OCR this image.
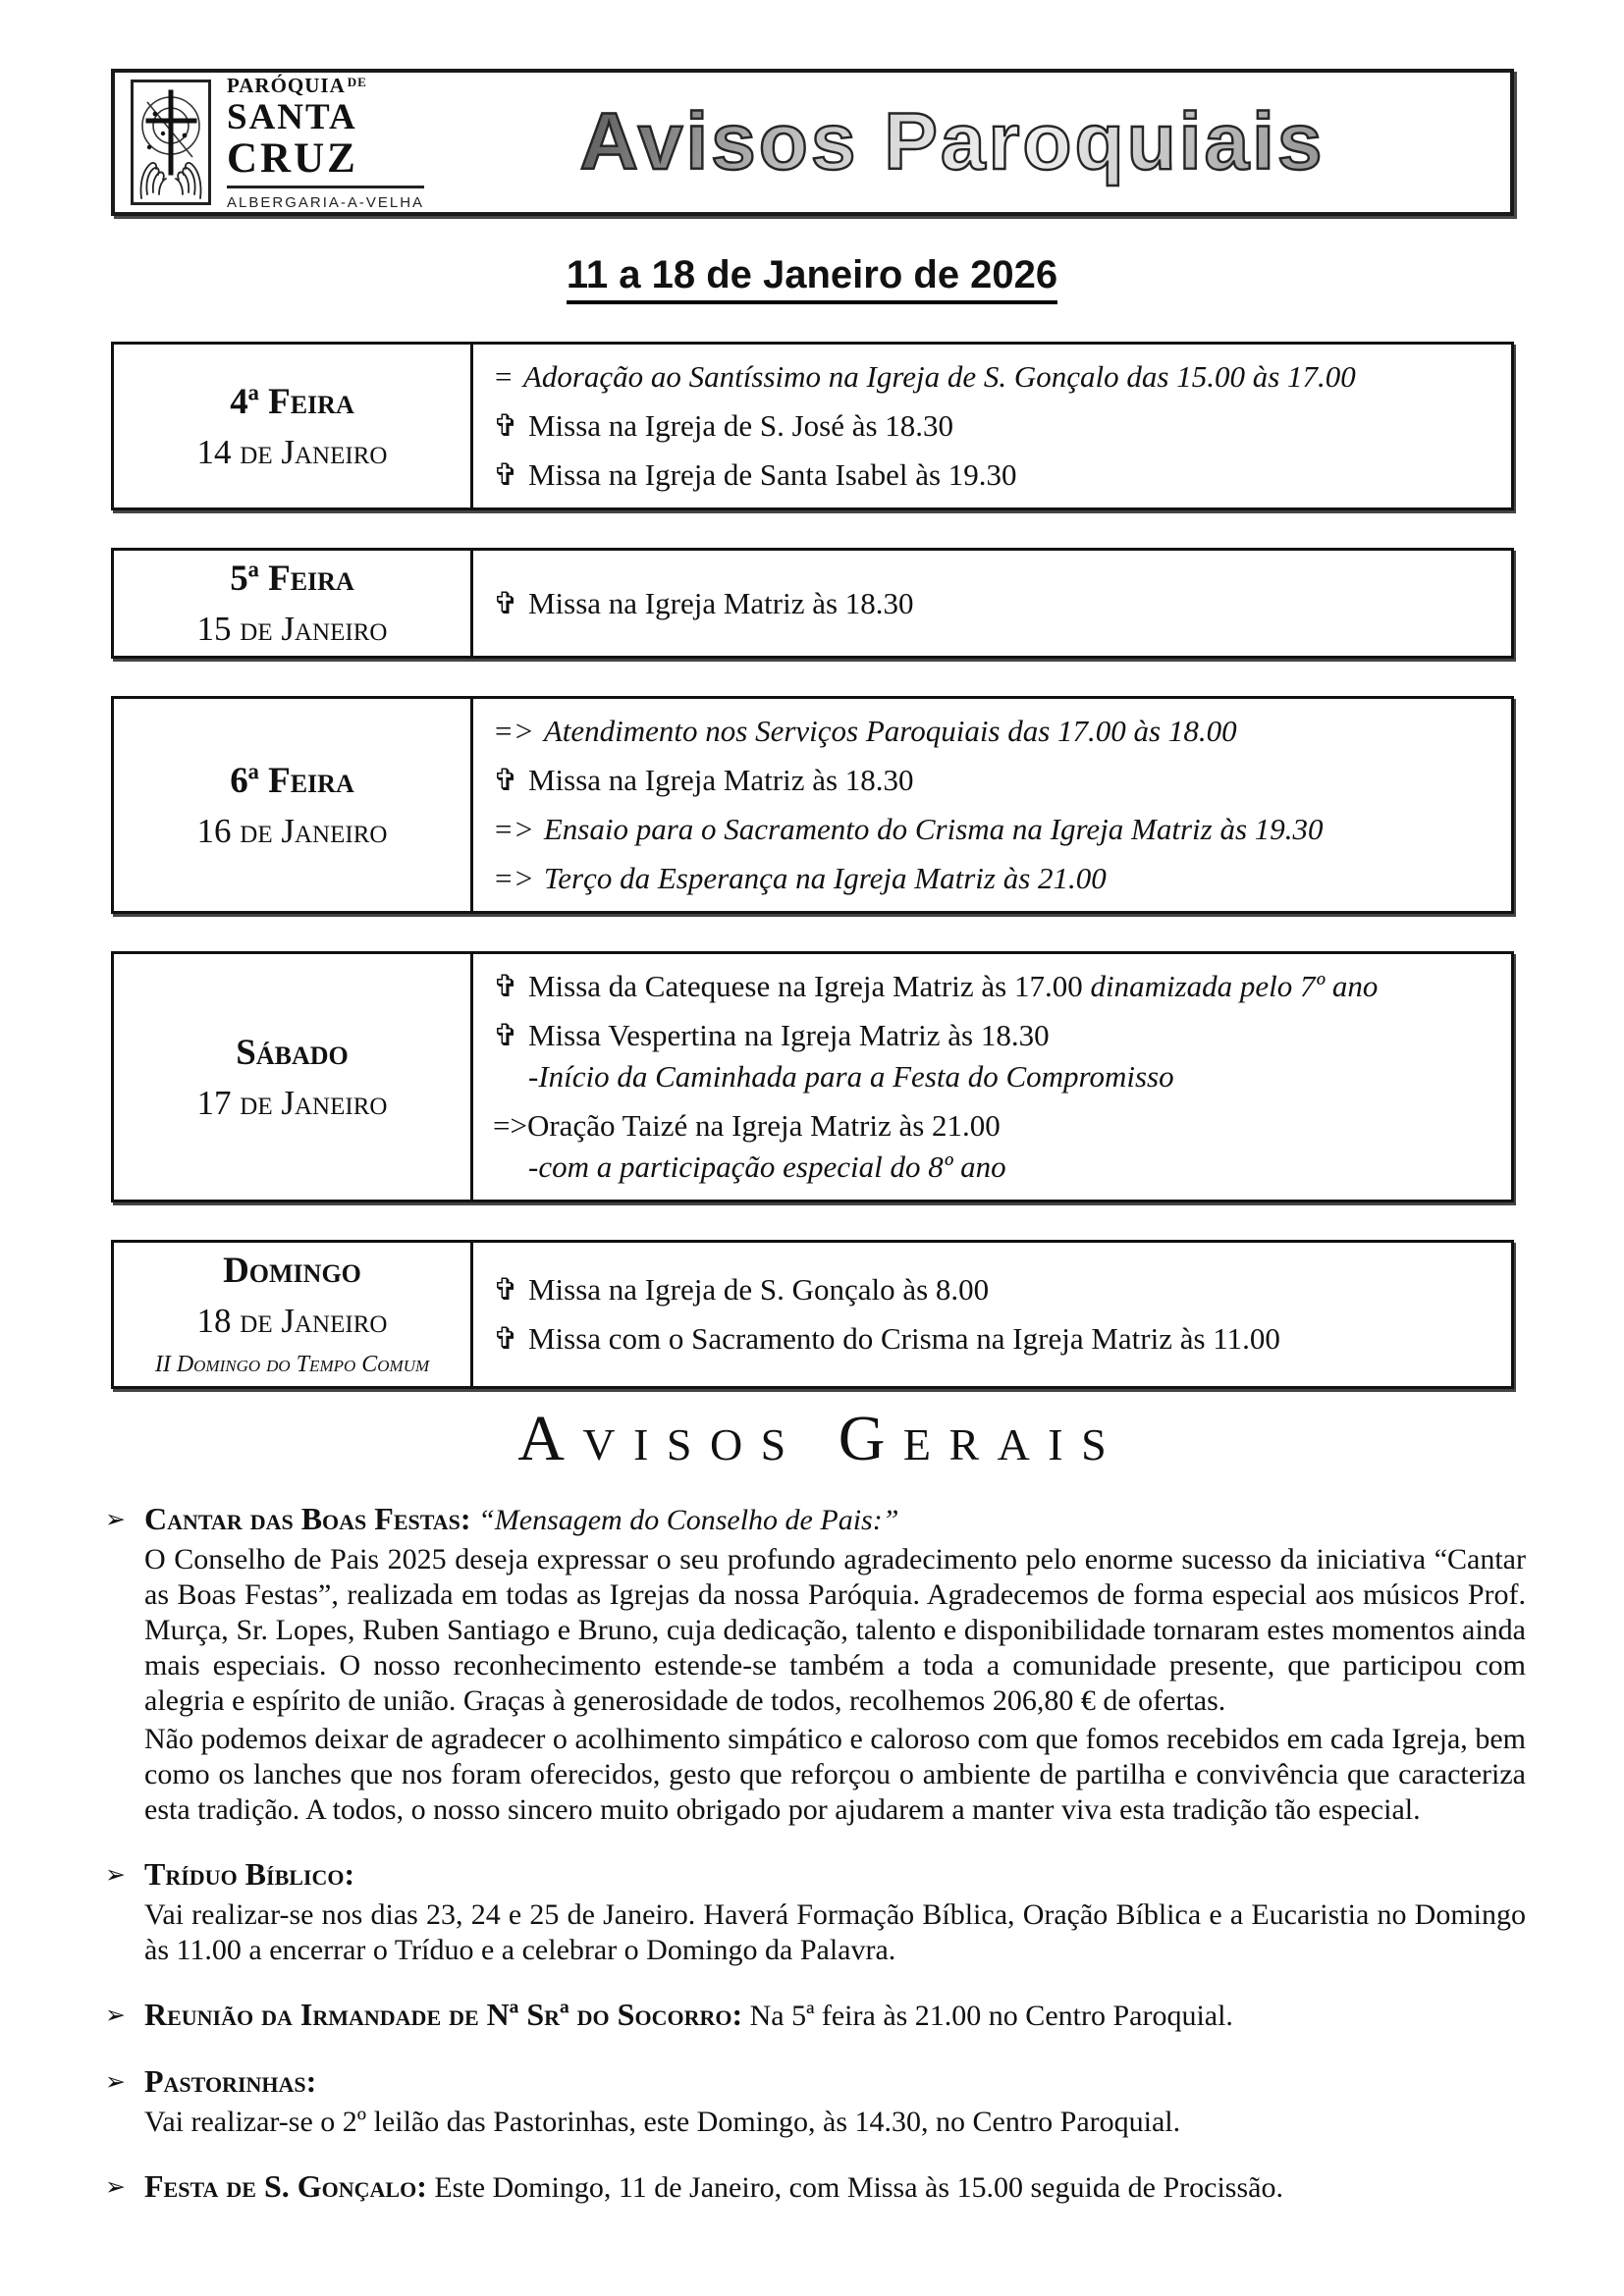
PARÓQUIA $^{DE}$
SANTA
CRUZ
ALBERGARIA-A-VELHA
Avisos Paroquiais
11 a 18 de Janeiro de 2026
4ª Feira
14 de Janeiro
= Adoração ao Santíssimo na Igreja de S. Gonçalo das 15.00 às 17.00
✞ Missa na Igreja de S. José às 18.30
✞ Missa na Igreja de Santa Isabel às 19.30
5ª Feira
15 de Janeiro
✞ Missa na Igreja Matriz às 18.30
6ª Feira
16 de Janeiro
=> Atendimento nos Serviços Paroquiais das 17.00 às 18.00
✞ Missa na Igreja Matriz às 18.30
=> Ensaio para o Sacramento do Crisma na Igreja Matriz às 19.30
=> Terço da Esperança na Igreja Matriz às 21.00
Sábado
17 de Janeiro
✞ Missa da Catequese na Igreja Matriz às 17.00 dinamizada pelo 7º ano
✞ Missa Vespertina na Igreja Matriz às 18.30
-Início da Caminhada para a Festa do Compromisso
=>Oração Taizé na Igreja Matriz às 21.00
-com a participação especial do 8º ano
Domingo
18 de Janeiro
II Domingo do Tempo Comum
✞ Missa na Igreja de S. Gonçalo às 8.00
✞ Missa com o Sacramento do Crisma na Igreja Matriz às 11.00
Avisos Gerais
➢ Cantar das Boas Festas: “Mensagem do Conselho de Pais:”
O Conselho de Pais 2025 deseja expressar o seu profundo agradecimento pelo enorme sucesso da iniciativa “Cantar as Boas Festas”, realizada em todas as Igrejas da nossa Paróquia. Agradecemos de forma especial aos músicos Prof. Murça, Sr. Lopes, Ruben Santiago e Bruno, cuja dedicação, talento e disponibilidade tornaram estes momentos ainda mais especiais. O nosso reconhecimento estende-se também a toda a comunidade presente, que participou com alegria e espírito de união. Graças à generosidade de todos, recolhemos 206,80 € de ofertas.
Não podemos deixar de agradecer o acolhimento simpático e caloroso com que fomos recebidos em cada Igreja, bem como os lanches que nos foram oferecidos, gesto que reforçou o ambiente de partilha e convivência que caracteriza esta tradição. A todos, o nosso sincero muito obrigado por ajudarem a manter viva esta tradição tão especial.
➢ Tríduo Bíblico:
Vai realizar-se nos dias 23, 24 e 25 de Janeiro. Haverá Formação Bíblica, Oração Bíblica e a Eucaristia no Domingo às 11.00 a encerrar o Tríduo e a celebrar o Domingo da Palavra.
➢ Reunião da Irmandade de Nª Srª do Socorro: Na 5ª feira às 21.00 no Centro Paroquial.
➢ Pastorinhas:
Vai realizar-se o 2º leilão das Pastorinhas, este Domingo, às 14.30, no Centro Paroquial.
➢ Festa de S. Gonçalo: Este Domingo, 11 de Janeiro, com Missa às 15.00 seguida de Procissão.
